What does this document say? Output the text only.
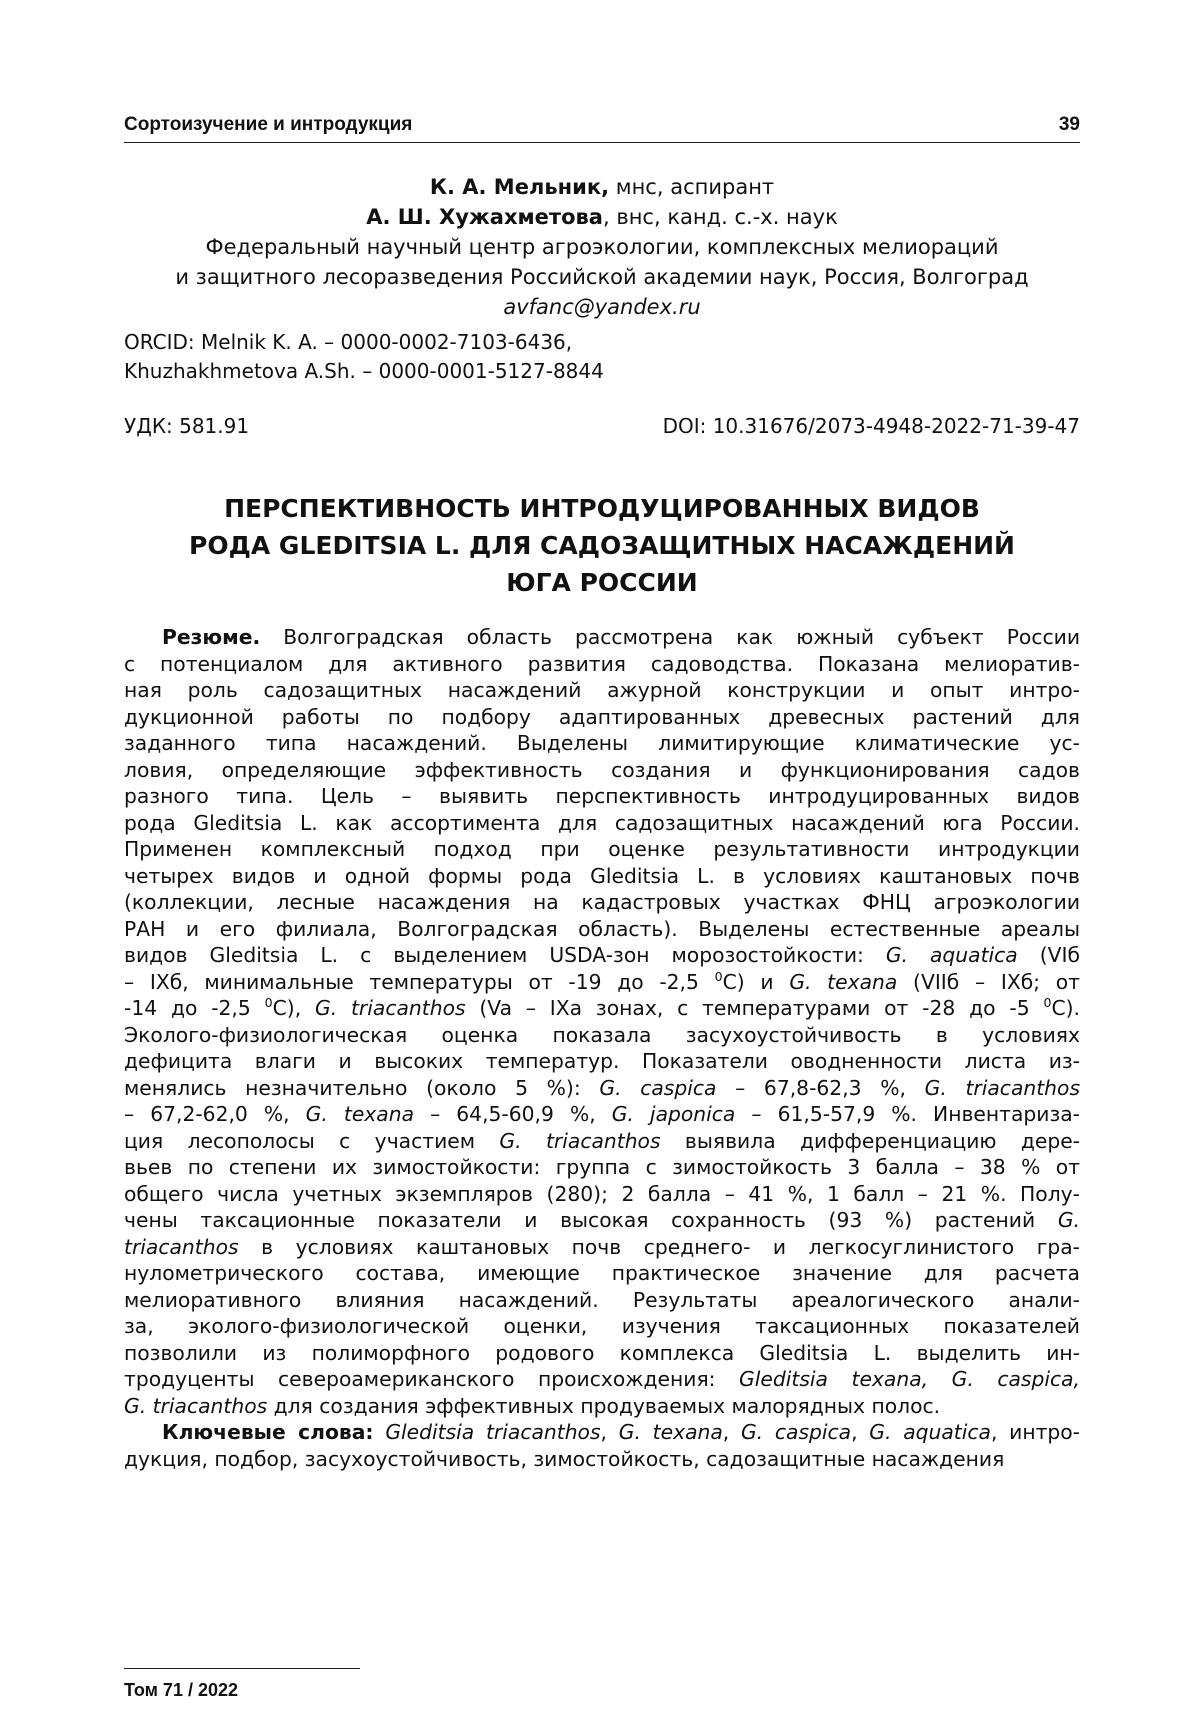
Сортоизучение и интродукция	39
К. А. Мельник, мнс, аспирант
А. Ш. Хужахметова, внс, канд. с.-х. наук
Федеральный научный центр агроэкологии, комплексных мелиораций
и защитного лесоразведения Российской академии наук, Россия, Волгоград
avfanc@yandex.ru
ORCID: Melnik K. A. – 0000-0002-7103-6436,
Khuzhakhmetova A.Sh. – 0000-0001-5127-8844
УДК: 581.91	DOI: 10.31676/2073-4948-2022-71-39-47
ПЕРСПЕКТИВНОСТЬ ИНТРОДУЦИРОВАННЫХ ВИДОВ
РОДА GLEDITSIA L. ДЛЯ САДОЗАЩИТНЫХ НАСАЖДЕНИЙ
ЮГА РОССИИ
Резюме. Волгоградская область рассмотрена как южный субъект России
с потенциалом для активного развития садоводства. Показана мелиоратив-
ная роль садозащитных насаждений ажурной конструкции и опыт интро-
дукционной работы по подбору адаптированных древесных растений для
заданного типа насаждений. Выделены лимитирующие климатические ус-
ловия, определяющие эффективность создания и функционирования садов
разного типа. Цель – выявить перспективность интродуцированных видов
рода Gleditsia L. как ассортимента для садозащитных насаждений юга России.
Применен комплексный подход при оценке результативности интродукции
четырех видов и одной формы рода Gleditsia L. в условиях каштановых почв
(коллекции, лесные насаждения на кадастровых участках ФНЦ агроэкологии
РАН и его филиала, Волгоградская область). Выделены естественные ареалы
видов Gleditsia L. с выделением USDA-зон морозостойкости: G. aquatica (VIб
– IXб, минимальные температуры от -19 до -2,5 $^0$С) и G. texana (VIIб – IXб; от
-14 до -2,5 $^0$С), G. triacanthos (Va – IXa зонах, с температурами от -28 до -5 $^0$С).
Эколого-физиологическая оценка показала засухоустойчивость в условиях
дефицита влаги и высоких температур. Показатели оводненности листа из-
менялись незначительно (около 5 %): G. caspica – 67,8-62,3 %, G. triacanthos
– 67,2-62,0 %, G. texana – 64,5-60,9 %, G. japonica – 61,5-57,9 %. Инвентариза-
ция лесополосы с участием G. triacanthos выявила дифференциацию дере-
вьев по степени их зимостойкости: группа с зимостойкость 3 балла – 38 % от
общего числа учетных экземпляров (280); 2 балла – 41 %, 1 балл – 21 %. Полу-
чены таксационные показатели и высокая сохранность (93 %) растений G.
triacanthos в условиях каштановых почв среднего- и легкосуглинистого гра-
нулометрического состава, имеющие практическое значение для расчета
мелиоративного влияния насаждений. Результаты ареалогического анали-
за, эколого-физиологической оценки, изучения таксационных показателей
позволили из полиморфного родового комплекса Gleditsia L. выделить ин-
тродуценты североамериканского происхождения: Gleditsia texana, G. caspica,
G. triacanthos для создания эффективных продуваемых малорядных полос.
Ключевые слова: Gleditsia triacanthos, G. texana, G. caspica, G. aquatica, интро-
дукция, подбор, засухоустойчивость, зимостойкость, садозащитные насаждения
Том 71 / 2022
